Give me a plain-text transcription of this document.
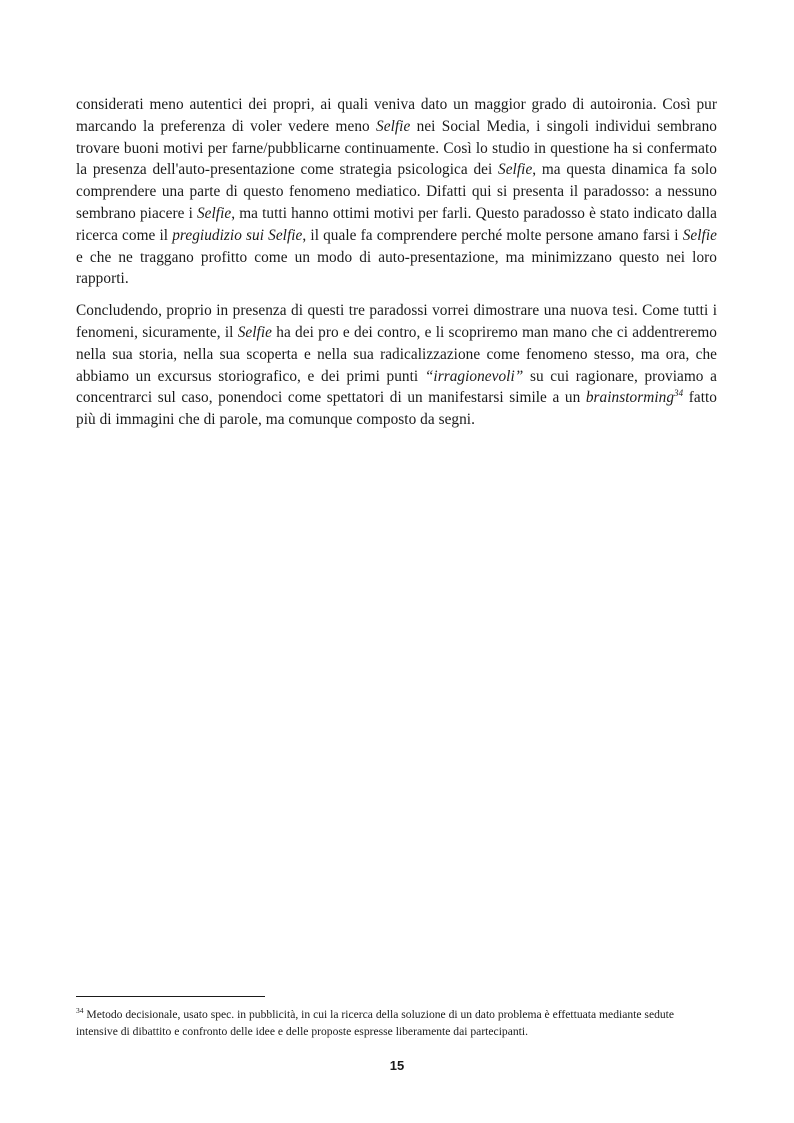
considerati meno autentici dei propri, ai quali veniva dato un maggior grado di autoironia. Così pur marcando la preferenza di voler vedere meno Selfie nei Social Media, i singoli individui sembrano trovare buoni motivi per farne/pubblicarne continuamente. Così lo studio in questione ha si confermato la presenza dell'auto-presentazione come strategia psicologica dei Selfie, ma questa dinamica fa solo comprendere una parte di questo fenomeno mediatico. Difatti qui si presenta il paradosso: a nessuno sembrano piacere i Selfie, ma tutti hanno ottimi motivi per farli. Questo paradosso è stato indicato dalla ricerca come il pregiudizio sui Selfie, il quale fa comprendere perché molte persone amano farsi i Selfie e che ne traggano profitto come un modo di auto-presentazione, ma minimizzano questo nei loro rapporti.

Concludendo, proprio in presenza di questi tre paradossi vorrei dimostrare una nuova tesi. Come tutti i fenomeni, sicuramente, il Selfie ha dei pro e dei contro, e li scopriremo man mano che ci addentreremo nella sua storia, nella sua scoperta e nella sua radicalizzazione come fenomeno stesso, ma ora, che abbiamo un excursus storiografico, e dei primi punti “irragionevoli” su cui ragionare, proviamo a concentrarci sul caso, ponendoci come spettatori di un manifestarsi simile a un brainstorming$^{34}$ fatto più di immagini che di parole, ma comunque composto da segni.

$^{34}$ Metodo decisionale, usato spec. in pubblicità, in cui la ricerca della soluzione di un dato problema è effettuata mediante sedute intensive di dibattito e confronto delle idee e delle proposte espresse liberamente dai partecipanti.
15
